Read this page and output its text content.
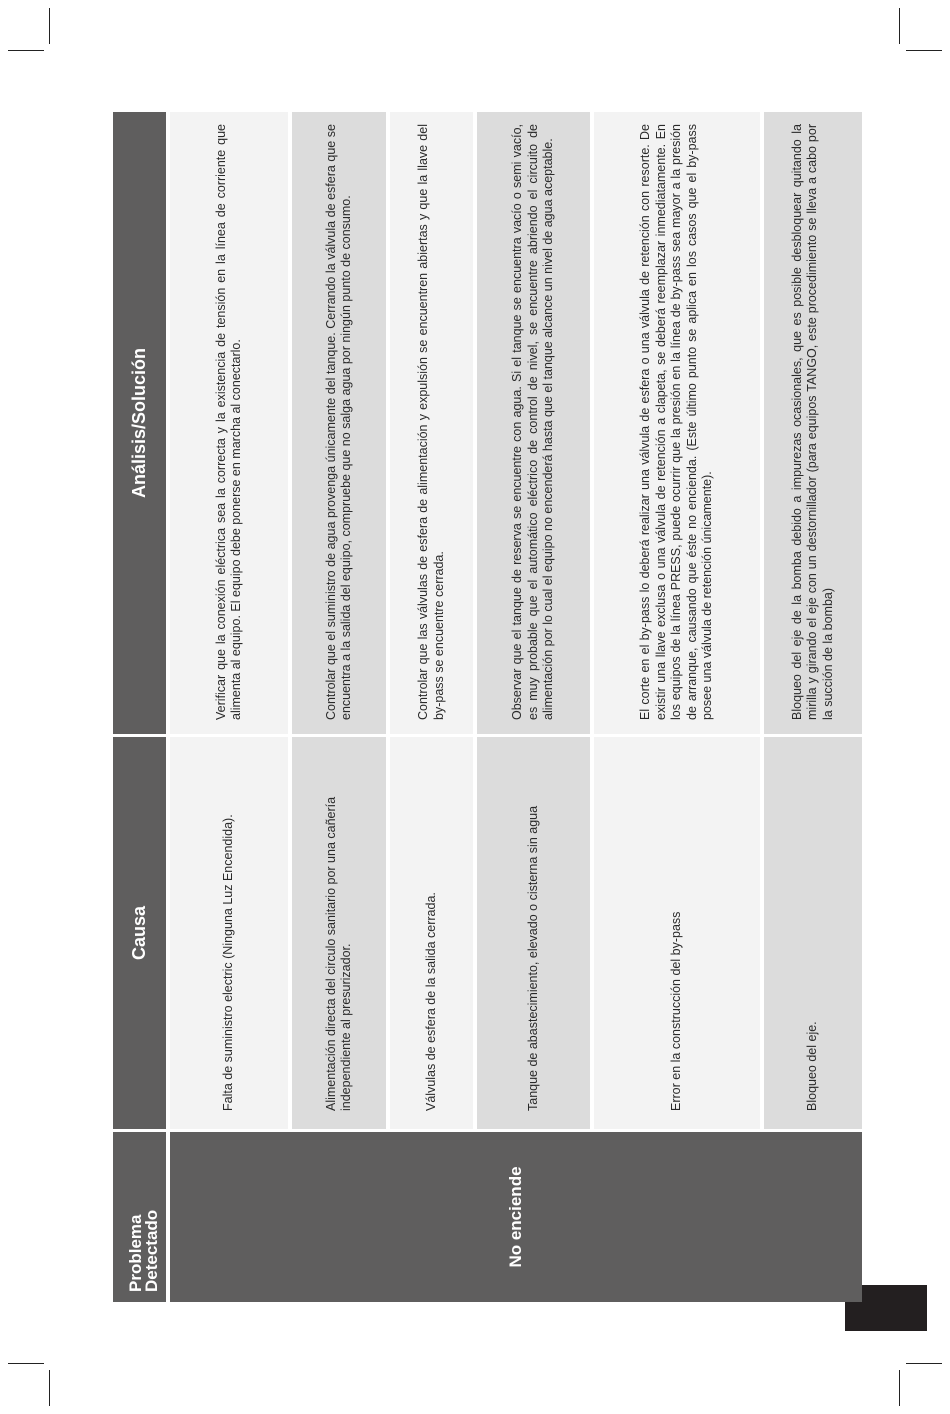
Problema
Detectado
Causa
Análisis/Solución
No enciende
Falta de suministro electric (Ninguna Luz Encendida).
Verificar que la conexión eléctrica sea la correcta y la existencia de tensión en la línea de corriente que alimenta al equipo. El equipo debe ponerse en marcha al conectarlo.
Alimentación directa del circulo sanitario por una cañería independiente al presurizador.
Controlar que el suministro de agua provenga únicamente del tanque. Cerrando la válvula de esfera que se encuentra a la salida del equipo, compruebe que no salga agua por ningún punto de consumo.
Válvulas de esfera de la salida cerrada.
Controlar que las válvulas de esfera de alimentación y expulsión se encuentren abiertas y que la llave del by-pass se encuentre cerrada.
Tanque de abastecimiento, elevado o cisterna sin agua
Observar que el tanque de reserva se encuentre con agua. Si el tanque se encuentra vacío o semi vacío, es muy probable que el automático eléctrico de control de nivel, se encuentre abriendo el circuito de alimentación por lo cual el equipo no encenderá hasta que el tanque alcance un nivel de agua aceptable.
Error en la construcción del by-pass
El corte en el by-pass lo deberá realizar una válvula de esfera o una válvula de retención con resorte. De existir una llave exclusa o una válvula de retención a clapeta, se deberá reemplazar inmediatamente. En los equipos de la línea PRESS, puede ocurrir que la presión en la línea de by-pass sea mayor a la presión de arranque, causando que éste no encienda. (Este último punto se aplica en los casos que el by-pass posee una válvula de retención únicamente).
Bloqueo del eje.
Bloqueo del eje de la bomba debido a impurezas ocasionales, que es posible desbloquear quitando la mirilla y girando el eje con un destornillador (para equipos TANGO, este procedimiento se lleva a cabo por la succión de la bomba)
